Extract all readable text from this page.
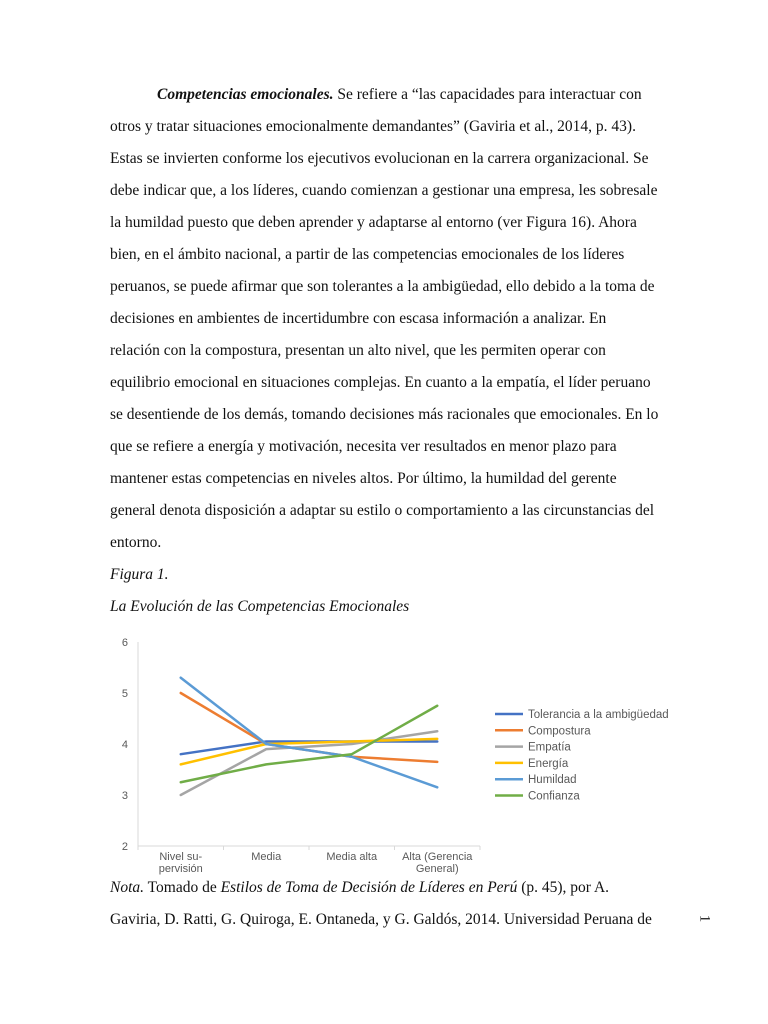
Competencias emocionales. Se refiere a “las capacidades para interactuar con
otros y tratar situaciones emocionalmente demandantes” (Gaviria et al., 2014, p. 43).
Estas se invierten conforme los ejecutivos evolucionan en la carrera organizacional. Se
debe indicar que, a los líderes, cuando comienzan a gestionar una empresa, les sobresale
la humildad puesto que deben aprender y adaptarse al entorno (ver Figura 16). Ahora
bien, en el ámbito nacional, a partir de las competencias emocionales de los líderes
peruanos, se puede afirmar que son tolerantes a la ambigüedad, ello debido a la toma de
decisiones en ambientes de incertidumbre con escasa información a analizar. En
relación con la compostura, presentan un alto nivel, que les permiten operar con
equilibrio emocional en situaciones complejas. En cuanto a la empatía, el líder peruano
se desentiende de los demás, tomando decisiones más racionales que emocionales. En lo
que se refiere a energía y motivación, necesita ver resultados en menor plazo para
mantener estas competencias en niveles altos. Por último, la humildad del gerente
general denota disposición a adaptar su estilo o comportamiento a las circunstancias del
entorno.
Figura 1.
La Evolución de las Competencias Emocionales
2
3
4
5
6
Nivel su-
pervisión
Media	Media alta Alta (Gerencia
General)
Tolerancia a la ambigüedad
Compostura
Empatía
Energía
Humildad
Confianza
Nota. Tomado de Estilos de Toma de Decisión de Líderes en Perú (p. 45), por A.
Gaviria, D. Ratti, G. Quiroga, E. Ontaneda, y G. Galdós, 2014. Universidad Peruana de	1
